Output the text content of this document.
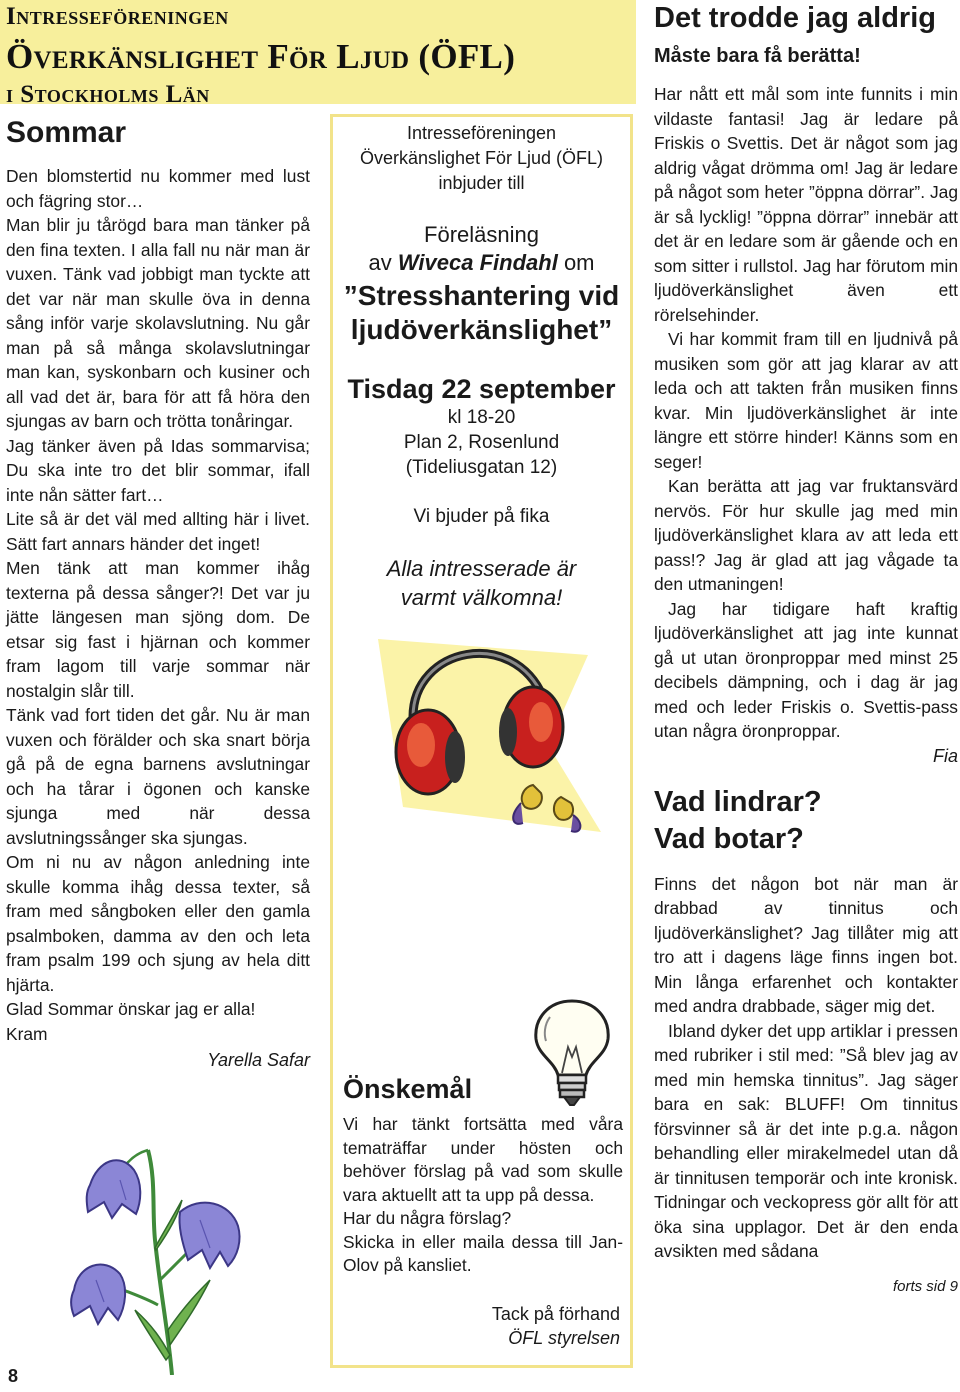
Intresseföreningen
Överkänslighet För Ljud (ÖFL)
i Stockholms Län
Sommar
Den blomstertid nu kommer med lust och fägring stor…
Man blir ju tårögd bara man tänker på den fina texten. I alla fall nu när man är vuxen. Tänk vad jobbigt man tyckte att det var när man skulle öva in denna sång inför varje skolavslutning. Nu går man på så många skolavslutningar man kan, syskonbarn och kusiner och all vad det är, bara för att få höra den sjungas av barn och trötta tonåringar.
Jag tänker även på Idas sommarvisa; Du ska inte tro det blir sommar, ifall inte nån sätter fart…
Lite så är det väl med allting här i livet. Sätt fart annars händer det inget!
Men tänk att man kommer ihåg texterna på dessa sånger?! Det var ju jätte längesen man sjöng dom. De etsar sig fast i hjärnan och kommer fram lagom till varje sommar när nostalgin slår till.
Tänk vad fort tiden det går. Nu är man vuxen och förälder och ska snart börja gå på de egna barnens avslutningar och ha tårar i ögonen och kanske sjunga med när dessa avslutningssånger ska sjungas.
Om ni nu av någon anledning inte skulle komma ihåg dessa texter, så fram med sångboken eller den gamla psalmboken, damma av den och leta fram psalm 199 och sjung av hela ditt hjärta.
Glad Sommar önskar jag er alla!
Kram
Yarella Safar
8
Intresseföreningen
Överkänslighet För Ljud (ÖFL)
inbjuder till
Föreläsning
av Wiveca Findahl om
”Stresshantering vid
ljudöverkänslighet”
Tisdag 22 september
kl 18-20
Plan 2, Rosenlund
(Tideliusgatan 12)
Vi bjuder på fika
Alla intresserade är
varmt välkomna!
Önskemål
Vi har tänkt fortsätta med våra tematräffar under hösten och behöver förslag på vad som skulle vara aktuellt att ta upp på dessa.
Har du några förslag?
Skicka in eller maila dessa till Jan-Olov på kansliet.
Tack på förhand
ÖFL styrelsen
Det trodde jag aldrig
Måste bara få berätta!

Har nått ett mål som inte funnits i min vildaste fantasi! Jag är ledare på Friskis o Svettis. Det är något som jag aldrig vågat drömma om! Jag är ledare på något som heter ”öppna dörrar”. Jag är så lycklig! ”öppna dörrar” innebär att det är en ledare som är gående och en som sitter i rullstol. Jag har förutom min ljudöverkänslighet även ett rörelsehinder.

Vi har kommit fram till en ljudnivå på musiken som gör att jag klarar av att leda och att takten från musiken finns kvar. Min ljudöverkänslighet är inte längre ett större hinder! Känns som en seger!

Kan berätta att jag var fruktansvärd nervös. För hur skulle jag med min ljudöverkänslighet klara av att leda ett pass!? Jag är glad att jag vågade ta den utmaningen!

Jag har tidigare haft kraftig ljudöverkänslighet att jag inte kunnat gå ut utan öronproppar med minst 25 decibels dämpning, och i dag är jag med och leder Friskis o. Svettis-pass utan några öronproppar.

Fia
Vad lindrar?
Vad botar?

Finns det någon bot när man är drabbad av tinnitus och ljudöverkänslighet? Jag tillåter mig att tro att i dagens läge finns ingen bot. Min långa erfarenhet och kontakter med andra drabbade, säger mig det.

Ibland dyker det upp artiklar i pressen med rubriker i stil med: ”Så blev jag av med min hemska tinnitus”. Jag säger bara en sak: BLUFF! Om tinnitus försvinner så är det inte p.g.a. någon behandling eller mirakelmedel utan då är tinnitusen temporär och inte kronisk. Tidningar och veckopress gör allt för att öka sina upplagor. Det är den enda avsikten med sådana

forts sid 9
